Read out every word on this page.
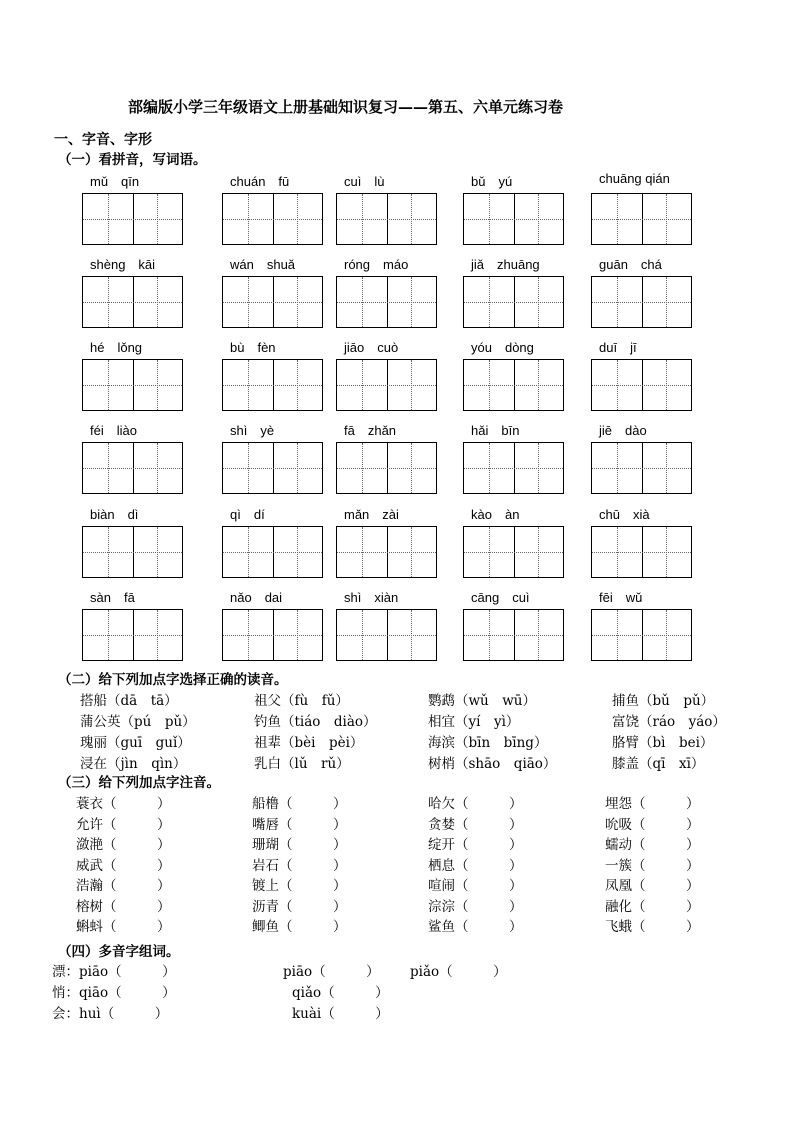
部编版小学三年级语文上册基础知识复习——第五、六单元练习卷
一、字音、字形
（一）看拼音，写词语。
mǔ　qīn	chuán　fū	cuì　lù	bǔ　yú	chuāng qián
shèng　kāi	wán　shuǎ	róng　máo	jiǎ　zhuāng	guān　chá
hé　lǒng	bù　fèn	jiāo　cuò	yóu　dòng	duī　jī
féi　liào	shì　yè	fā　zhǎn	hǎi　bīn	jiē　dào
biàn　dì	qì　dí	mǎn　zài	kào　àn	chū　xià
sàn　fā	nǎo　dai	shì　xiàn	cāng　cuì	fēi　wǔ
（二）给下列加点字选择正确的读音。
搭船（dā　tā）	祖父（fù　fǔ）	鹦鹉（wǔ　wū）	捕鱼（bǔ　pǔ）
蒲公英（pú　pǔ）	钓鱼（tiáo　diào）	相宜（yí　yì）	富饶（ráo　yáo）
瑰丽（guī　guǐ）	祖辈（bèi　pèi）	海滨（bīn　bīng）	胳臂（bì　bei）
浸在（jìn　qìn）	乳白（lǔ　rǔ）	树梢（shāo　qiāo）	膝盖（qī　xī）
（三）给下列加点字注音。
蓑衣（　　　）	船橹（　　　）	哈欠（　　　）	埋怨（　　　）
允许（　　　）	嘴唇（　　　）	贪婪（　　　）	吮吸（　　　）
潋滟（　　　）	珊瑚（　　　）	绽开（　　　）	蠕动（　　　）
威武（　　　）	岩石（　　　）	栖息（　　　）	一簇（　　　）
浩瀚（　　　）	镀上（　　　）	喧闹（　　　）	凤凰（　　　）
榕树（　　　）	沥青（　　　）	淙淙（　　　）	融化（　　　）
蝌蚪（　　　）	鲫鱼（　　　）	鲨鱼（　　　）	飞蛾（　　　）
（四）多音字组词。
漂：piāo（　　　）	piāo（　　　） piǎo（　　　）
悄：qiāo（　　　）	qiǎo（　　　）
会：huì（　　　）	kuài（　　　）
